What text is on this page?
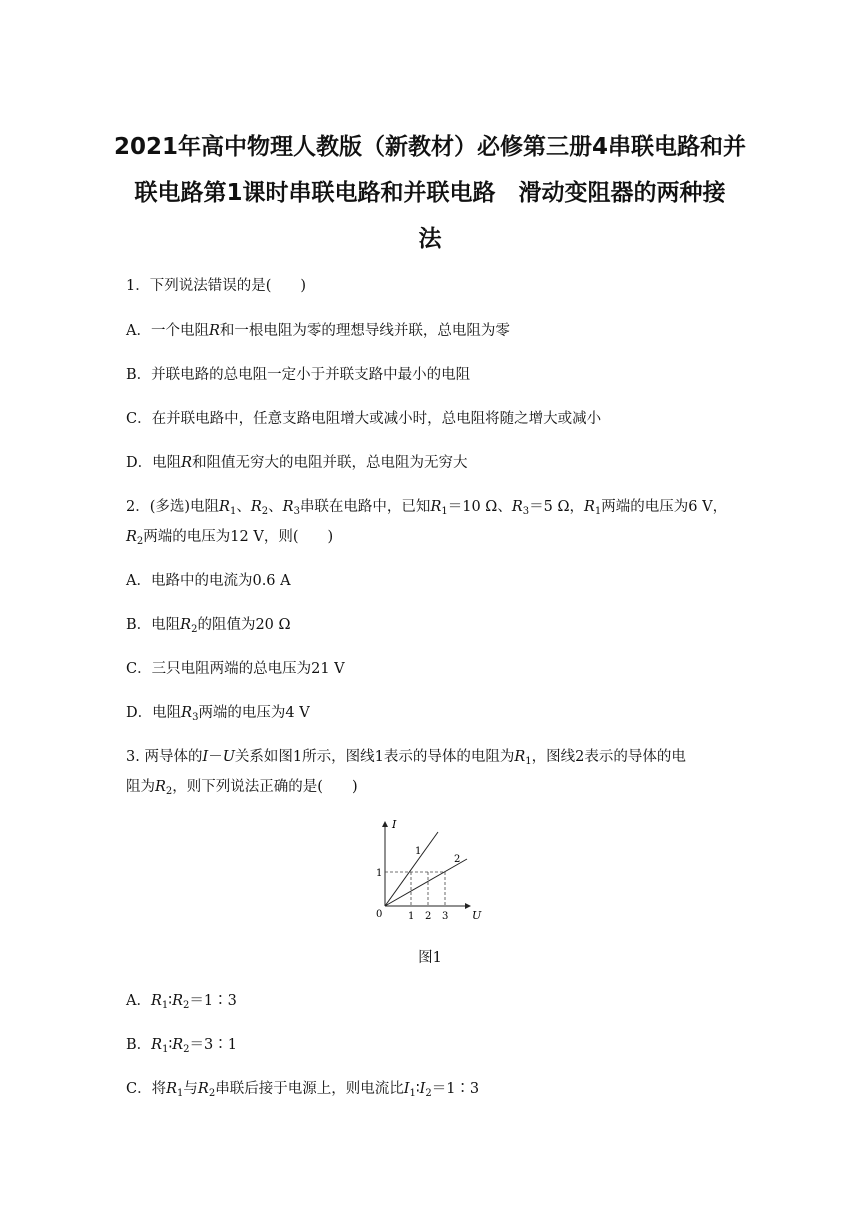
2021年高中物理人教版（新教材）必修第三册4串联电路和并
联电路第1课时串联电路和并联电路　滑动变阻器的两种接
法
1．下列说法错误的是(　　)
A．一个电阻R和一根电阻为零的理想导线并联，总电阻为零
B．并联电路的总电阻一定小于并联支路中最小的电阻
C．在并联电路中，任意支路电阻增大或减小时，总电阻将随之增大或减小
D．电阻R和阻值无穷大的电阻并联，总电阻为无穷大
2．(多选)电阻$R_1$、$R_2$、$R_3$串联在电路中，已知$R_1=10$ Ω、$R_3=5$ Ω，$R_1$两端的电压为6 V，
$R_2$两端的电压为12 V，则(　　)
A．电路中的电流为0.6 A
B．电阻$R_2$的阻值为20 Ω
C．三只电阻两端的总电压为21 V
D．电阻$R_3$两端的电压为4 V
3. 两导体的I－U关系如图1所示，图线1表示的导体的电阻为$R_1$，图线2表示的导体的电
阻为$R_2$，则下列说法正确的是(　　)
I
U
0	1 2 3
1
1
2
图1
A．$R_1∶R_2=1∶3$
B．$R_1∶R_2=3∶1$
C．将$R_1$与$R_2$串联后接于电源上，则电流比$I_1∶I_2=1∶3$
